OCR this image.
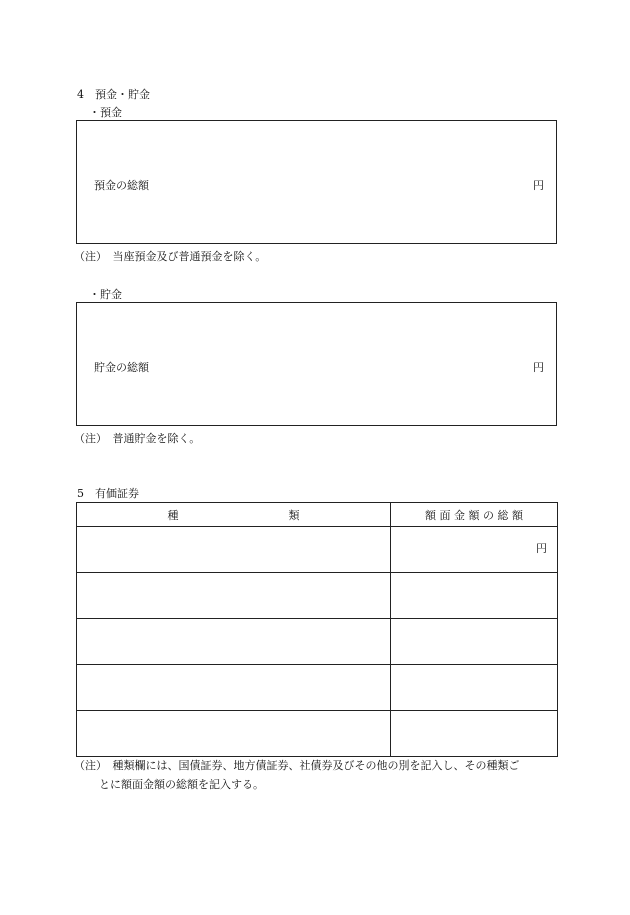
4　預金・貯金
・預金
預金の総額	円
（注）　当座預金及び普通預金を除く。
・貯金
貯金の総額	円
（注）　普通貯金を除く。
5　有価証券
種 類	額 面 金 額 の 総 額

	円

（注）　種類欄には、国債証券、地方債証券、社債券及びその他の別を記入し、その種類ご
とに額面金額の総額を記入する。
